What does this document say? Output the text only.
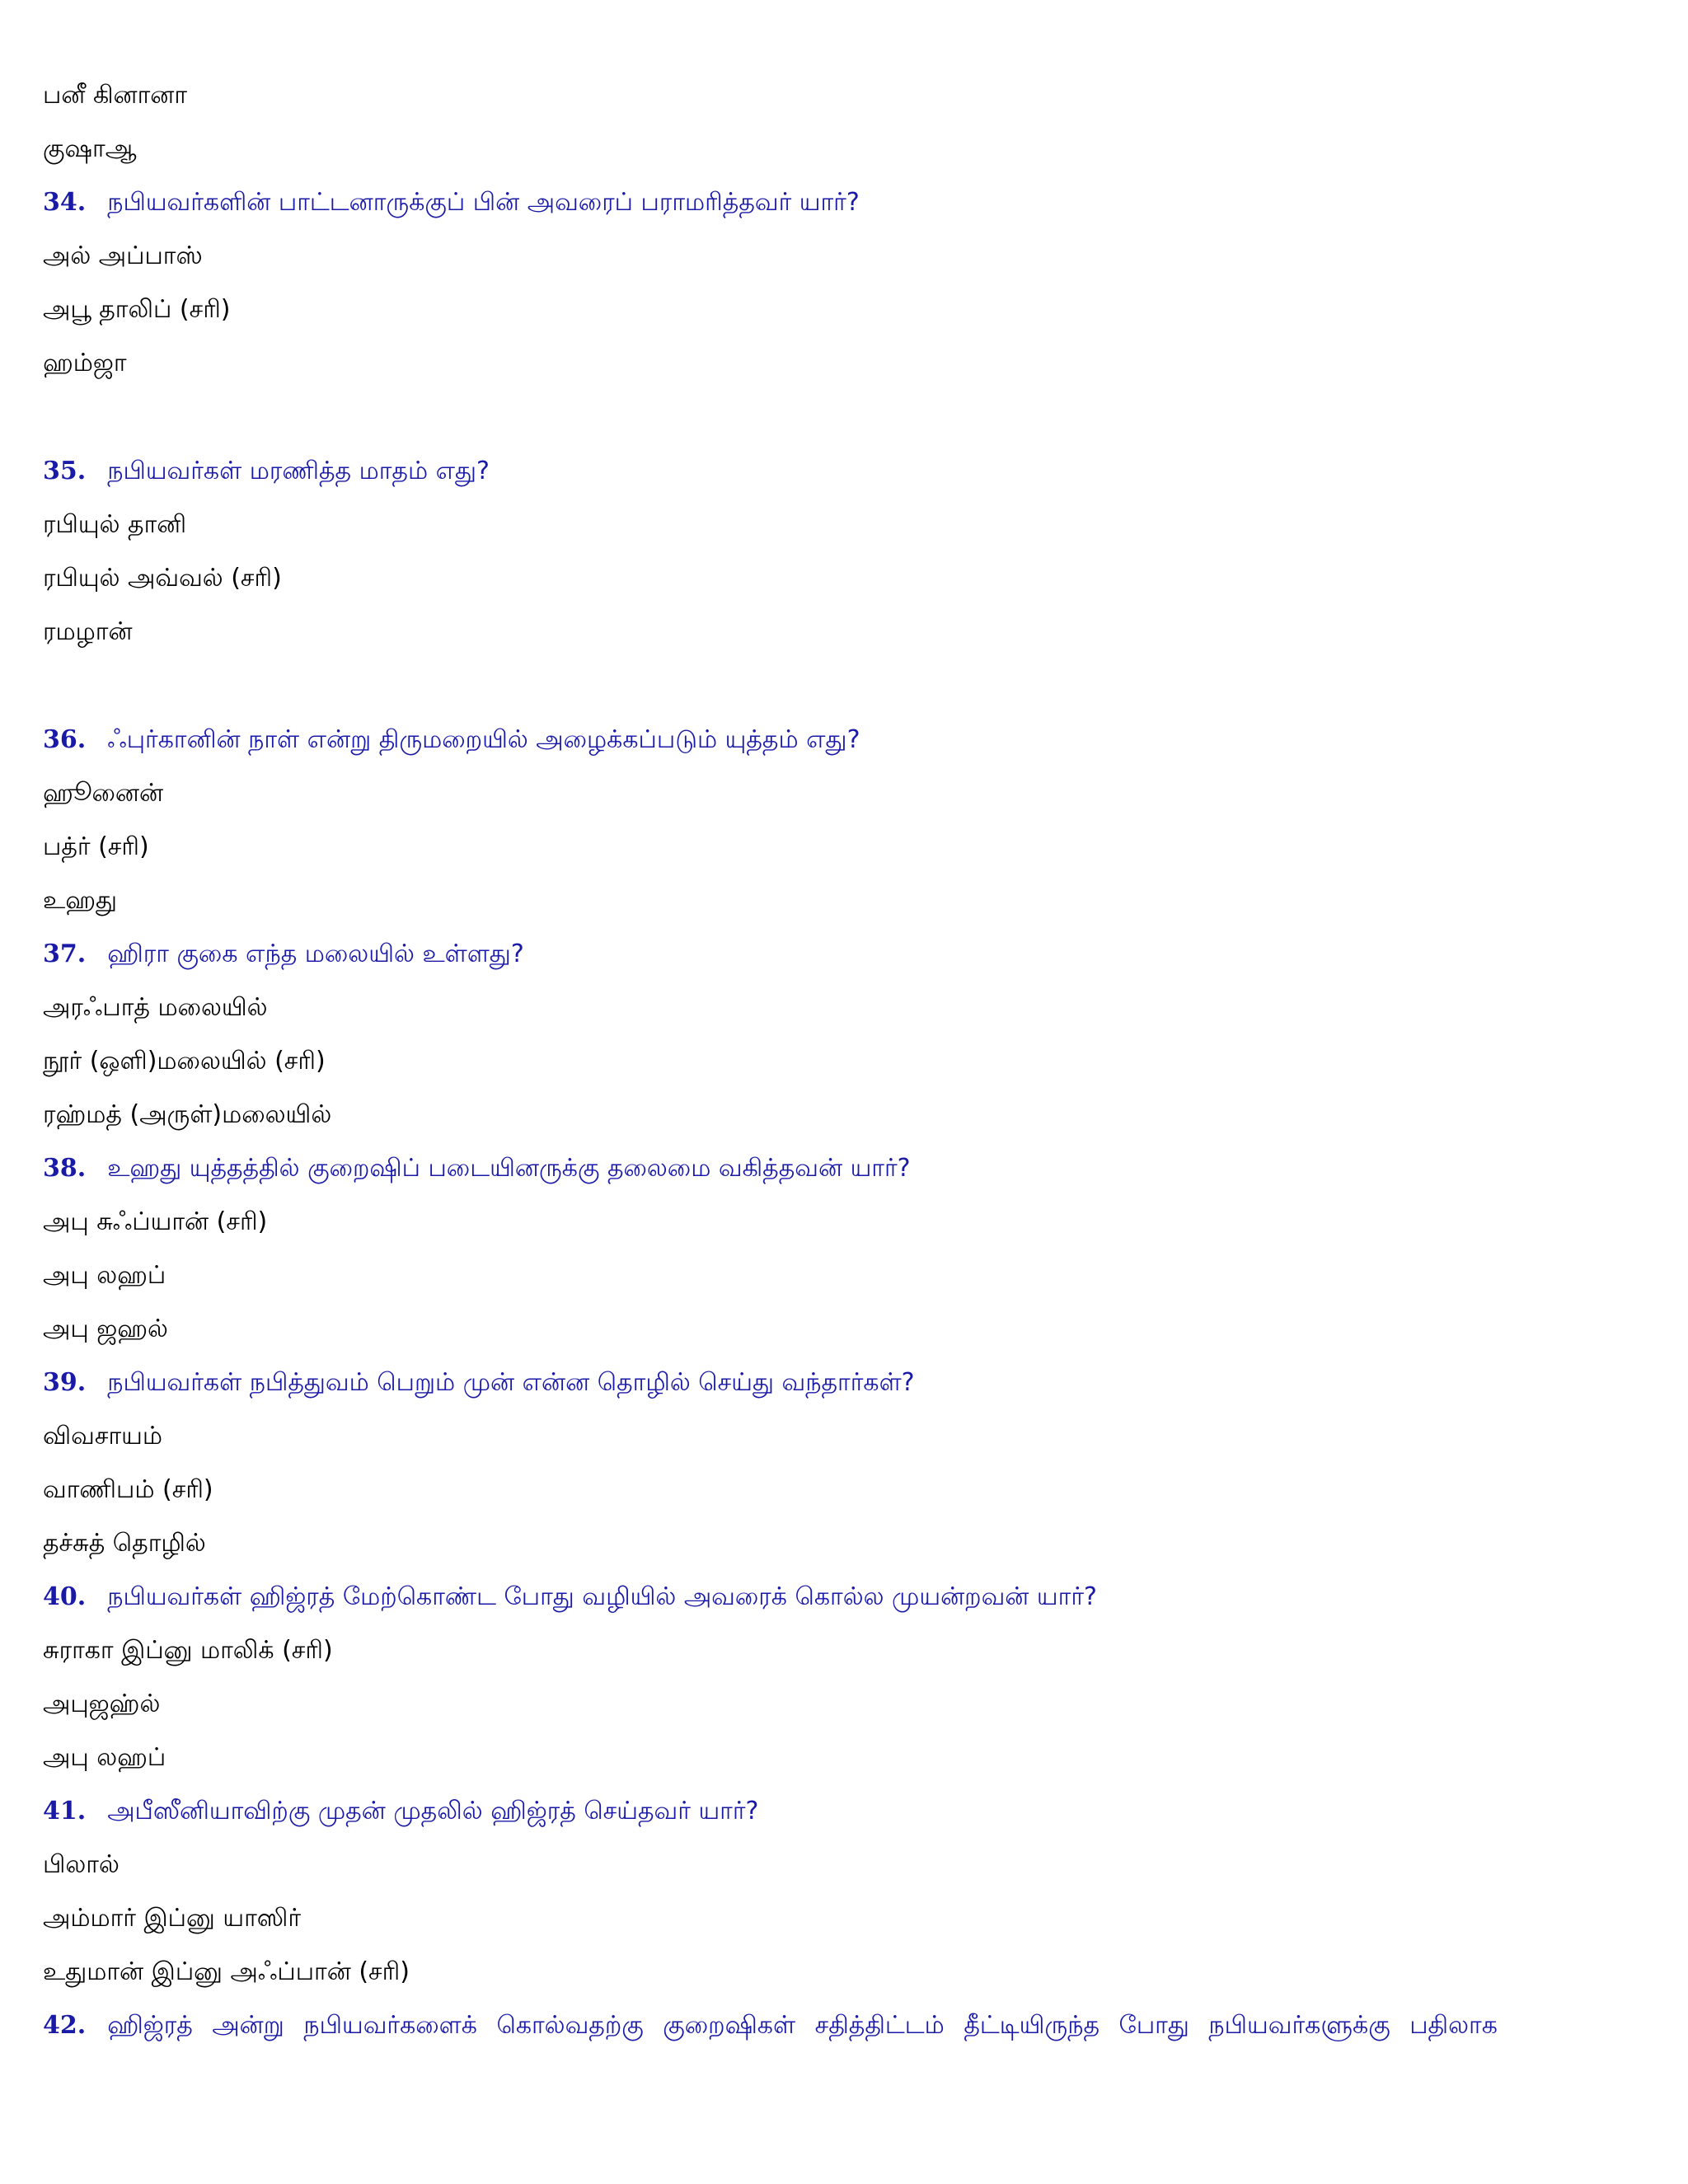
பனீ கினானா
குஷாஆ
34. நபியவர்களின் பாட்டனாருக்குப் பின் அவரைப் பராமரித்தவர் யார்?
அல் அப்பாஸ்
அபூ தாலிப் (சரி)
ஹம்ஜா
35. நபியவர்கள் மரணித்த மாதம் எது?
ரபியுல் தானி
ரபியுல் அவ்வல் (சரி)
ரமழான்
36. ஃபுர்கானின் நாள் என்று திருமறையில் அழைக்கப்படும் யுத்தம் எது?
ஹூனைன்
பத்ர் (சரி)
உஹது
37. ஹிரா குகை எந்த மலையில் உள்ளது?
அரஃபாத் மலையில்
நூர் (ஒளி)மலையில் (சரி)
ரஹ்மத் (அருள்)மலையில்
38. உஹது யுத்தத்தில் குறைஷிப் படையினருக்கு தலைமை வகித்தவன் யார்?
அபு சுஃப்யான் (சரி)
அபு லஹப்
அபு ஜஹல்
39. நபியவர்கள் நபித்துவம் பெறும் முன் என்ன தொழில் செய்து வந்தார்கள்?
விவசாயம்
வாணிபம் (சரி)
தச்சுத் தொழில்
40. நபியவர்கள் ஹிஜ்ரத் மேற்கொண்ட போது வழியில் அவரைக் கொல்ல முயன்றவன் யார்?
சுராகா இப்னு மாலிக் (சரி)
அபுஜஹ்ல்
அபு லஹப்
41. அபீஸீனியாவிற்கு முதன் முதலில் ஹிஜ்ரத் செய்தவர் யார்?
பிலால்
அம்மார் இப்னு யாஸிர்
உதுமான் இப்னு அஃப்பான் (சரி)
42. ஹிஜ்ரத் அன்று நபியவர்களைக் கொல்வதற்கு குறைஷிகள் சதித்திட்டம் தீட்டியிருந்த போது நபியவர்களுக்கு பதிலாக
